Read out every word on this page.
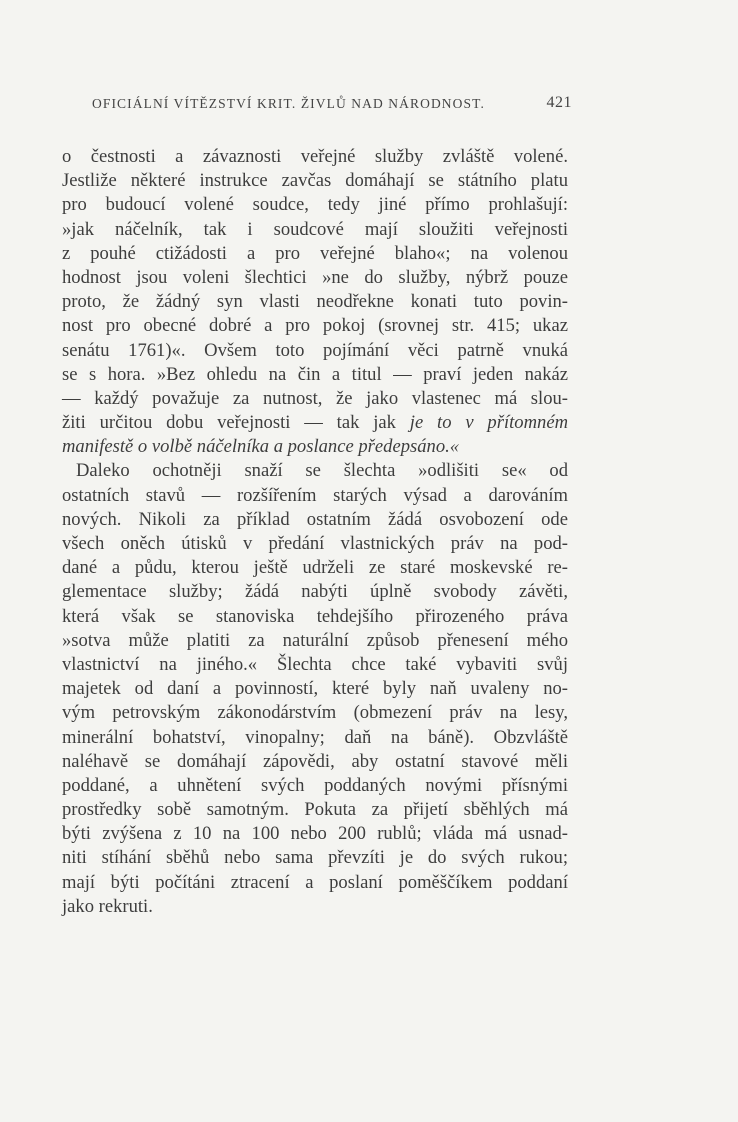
OFICIÁLNÍ VÍTĚZSTVÍ KRIT. ŽIVLŮ NAD NÁRODNOST.	421
o čestnosti a závaznosti veřejné služby zvláště volené.
Jestliže některé instrukce zavčas domáhají se státního platu
pro budoucí volené soudce, tedy jiné přímo prohlašují:
»jak náčelník, tak i soudcové mají sloužiti veřejnosti
z pouhé ctižádosti a pro veřejné blaho«; na volenou
hodnost jsou voleni šlechtici »ne do služby, nýbrž pouze
proto, že žádný syn vlasti neodřekne konati tuto povin-
nost pro obecné dobré a pro pokoj (srovnej str. 415; ukaz
senátu 1761)«. Ovšem toto pojímání věci patrně vnuká
se s hora. »Bez ohledu na čin a titul — praví jeden nakáz
— každý považuje za nutnost, že jako vlastenec má slou-
žiti určitou dobu veřejnosti — tak jak je to v přítomném
manifestě o volbě náčelníka a poslance předepsáno.«
Daleko ochotněji snaží se šlechta »odlišiti se« od
ostatních stavů — rozšířením starých výsad a darováním
nových. Nikoli za příklad ostatním žádá osvobození ode
všech oněch útisků v předání vlastnických práv na pod-
dané a půdu, kterou ještě udrželi ze staré moskevské re-
glementace služby; žádá nabýti úplně svobody závěti,
která však se stanoviska tehdejšího přirozeného práva
»sotva může platiti za naturální způsob přenesení mého
vlastnictví na jiného.« Šlechta chce také vybaviti svůj
majetek od daní a povinností, které byly naň uvaleny no-
vým petrovským zákonodárstvím (obmezení práv na lesy,
minerální bohatství, vinopalny; daň na báně). Obzvláště
naléhavě se domáhají zápovědi, aby ostatní stavové měli
poddané, a uhnětení svých poddaných novými přísnými
prostředky sobě samotným. Pokuta za přijetí sběhlých má
býti zvýšena z 10 na 100 nebo 200 rublů; vláda má usnad-
niti stíhání sběhů nebo sama převzíti je do svých rukou;
mají býti počítáni ztracení a poslaní poměščíkem poddaní
jako rekruti.
